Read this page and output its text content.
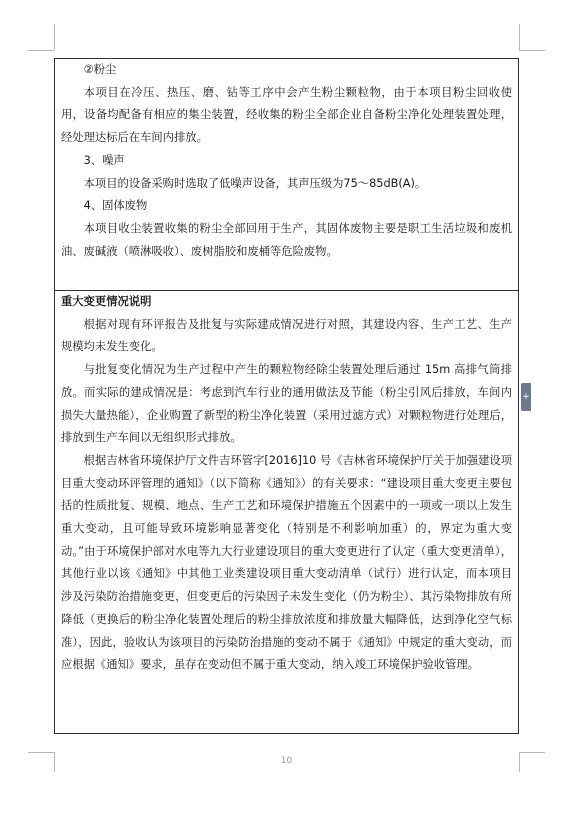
②粉尘

本项目在冷压、热压、磨、钻等工序中会产生粉尘颗粒物，由于本项目粉尘回收使用，设备均配备有相应的集尘装置，经收集的粉尘全部企业自备粉尘净化处理装置处理，经处理达标后在车间内排放。

3、噪声

本项目的设备采购时选取了低噪声设备，其声压级为75～85dB(A)。

4、固体废物

本项目收尘装置收集的粉尘全部回用于生产，其固体废物主要是职工生活垃圾和废机油、废碱液（喷淋吸收）、废树脂胶和废桶等危险废物。

重大变更情况说明

根据对现有环评报告及批复与实际建成情况进行对照，其建设内容、生产工艺、生产规模均未发生变化。

与批复变化情况为生产过程中产生的颗粒物经除尘装置处理后通过 15m 高排气筒排放。而实际的建成情况是：考虑到汽车行业的通用做法及节能（粉尘引风后排放，车间内损失大量热能），企业购置了新型的粉尘净化装置（采用过滤方式）对颗粒物进行处理后，排放到生产车间以无组织形式排放。

根据吉林省环境保护厅文件吉环管字[2016]10 号《吉林省环境保护厅关于加强建设项目重大变动环评管理的通知》（以下简称《通知》）的有关要求：“建设项目重大变更主要包括的性质批复、规模、地点、生产工艺和环境保护措施五个因素中的一项或一项以上发生重大变动，且可能导致环境影响显著变化（特别是不利影响加重）的，界定为重大变动。”由于环境保护部对水电等九大行业建设项目的重大变更进行了认定（重大变更清单），其他行业以该《通知》中其他工业类建设项目重大变动清单（试行）进行认定，而本项目涉及污染防治措施变更，但变更后的污染因子未发生变化（仍为粉尘）、其污染物排放有所降低（更换后的粉尘净化装置处理后的粉尘排放浓度和排放量大幅降低，达到净化空气标准），因此，验收认为该项目的污染防治措施的变动不属于《通知》中规定的重大变动，而应根据《通知》要求，虽存在变动但不属于重大变动，纳入竣工环境保护验收管理。

10
+
